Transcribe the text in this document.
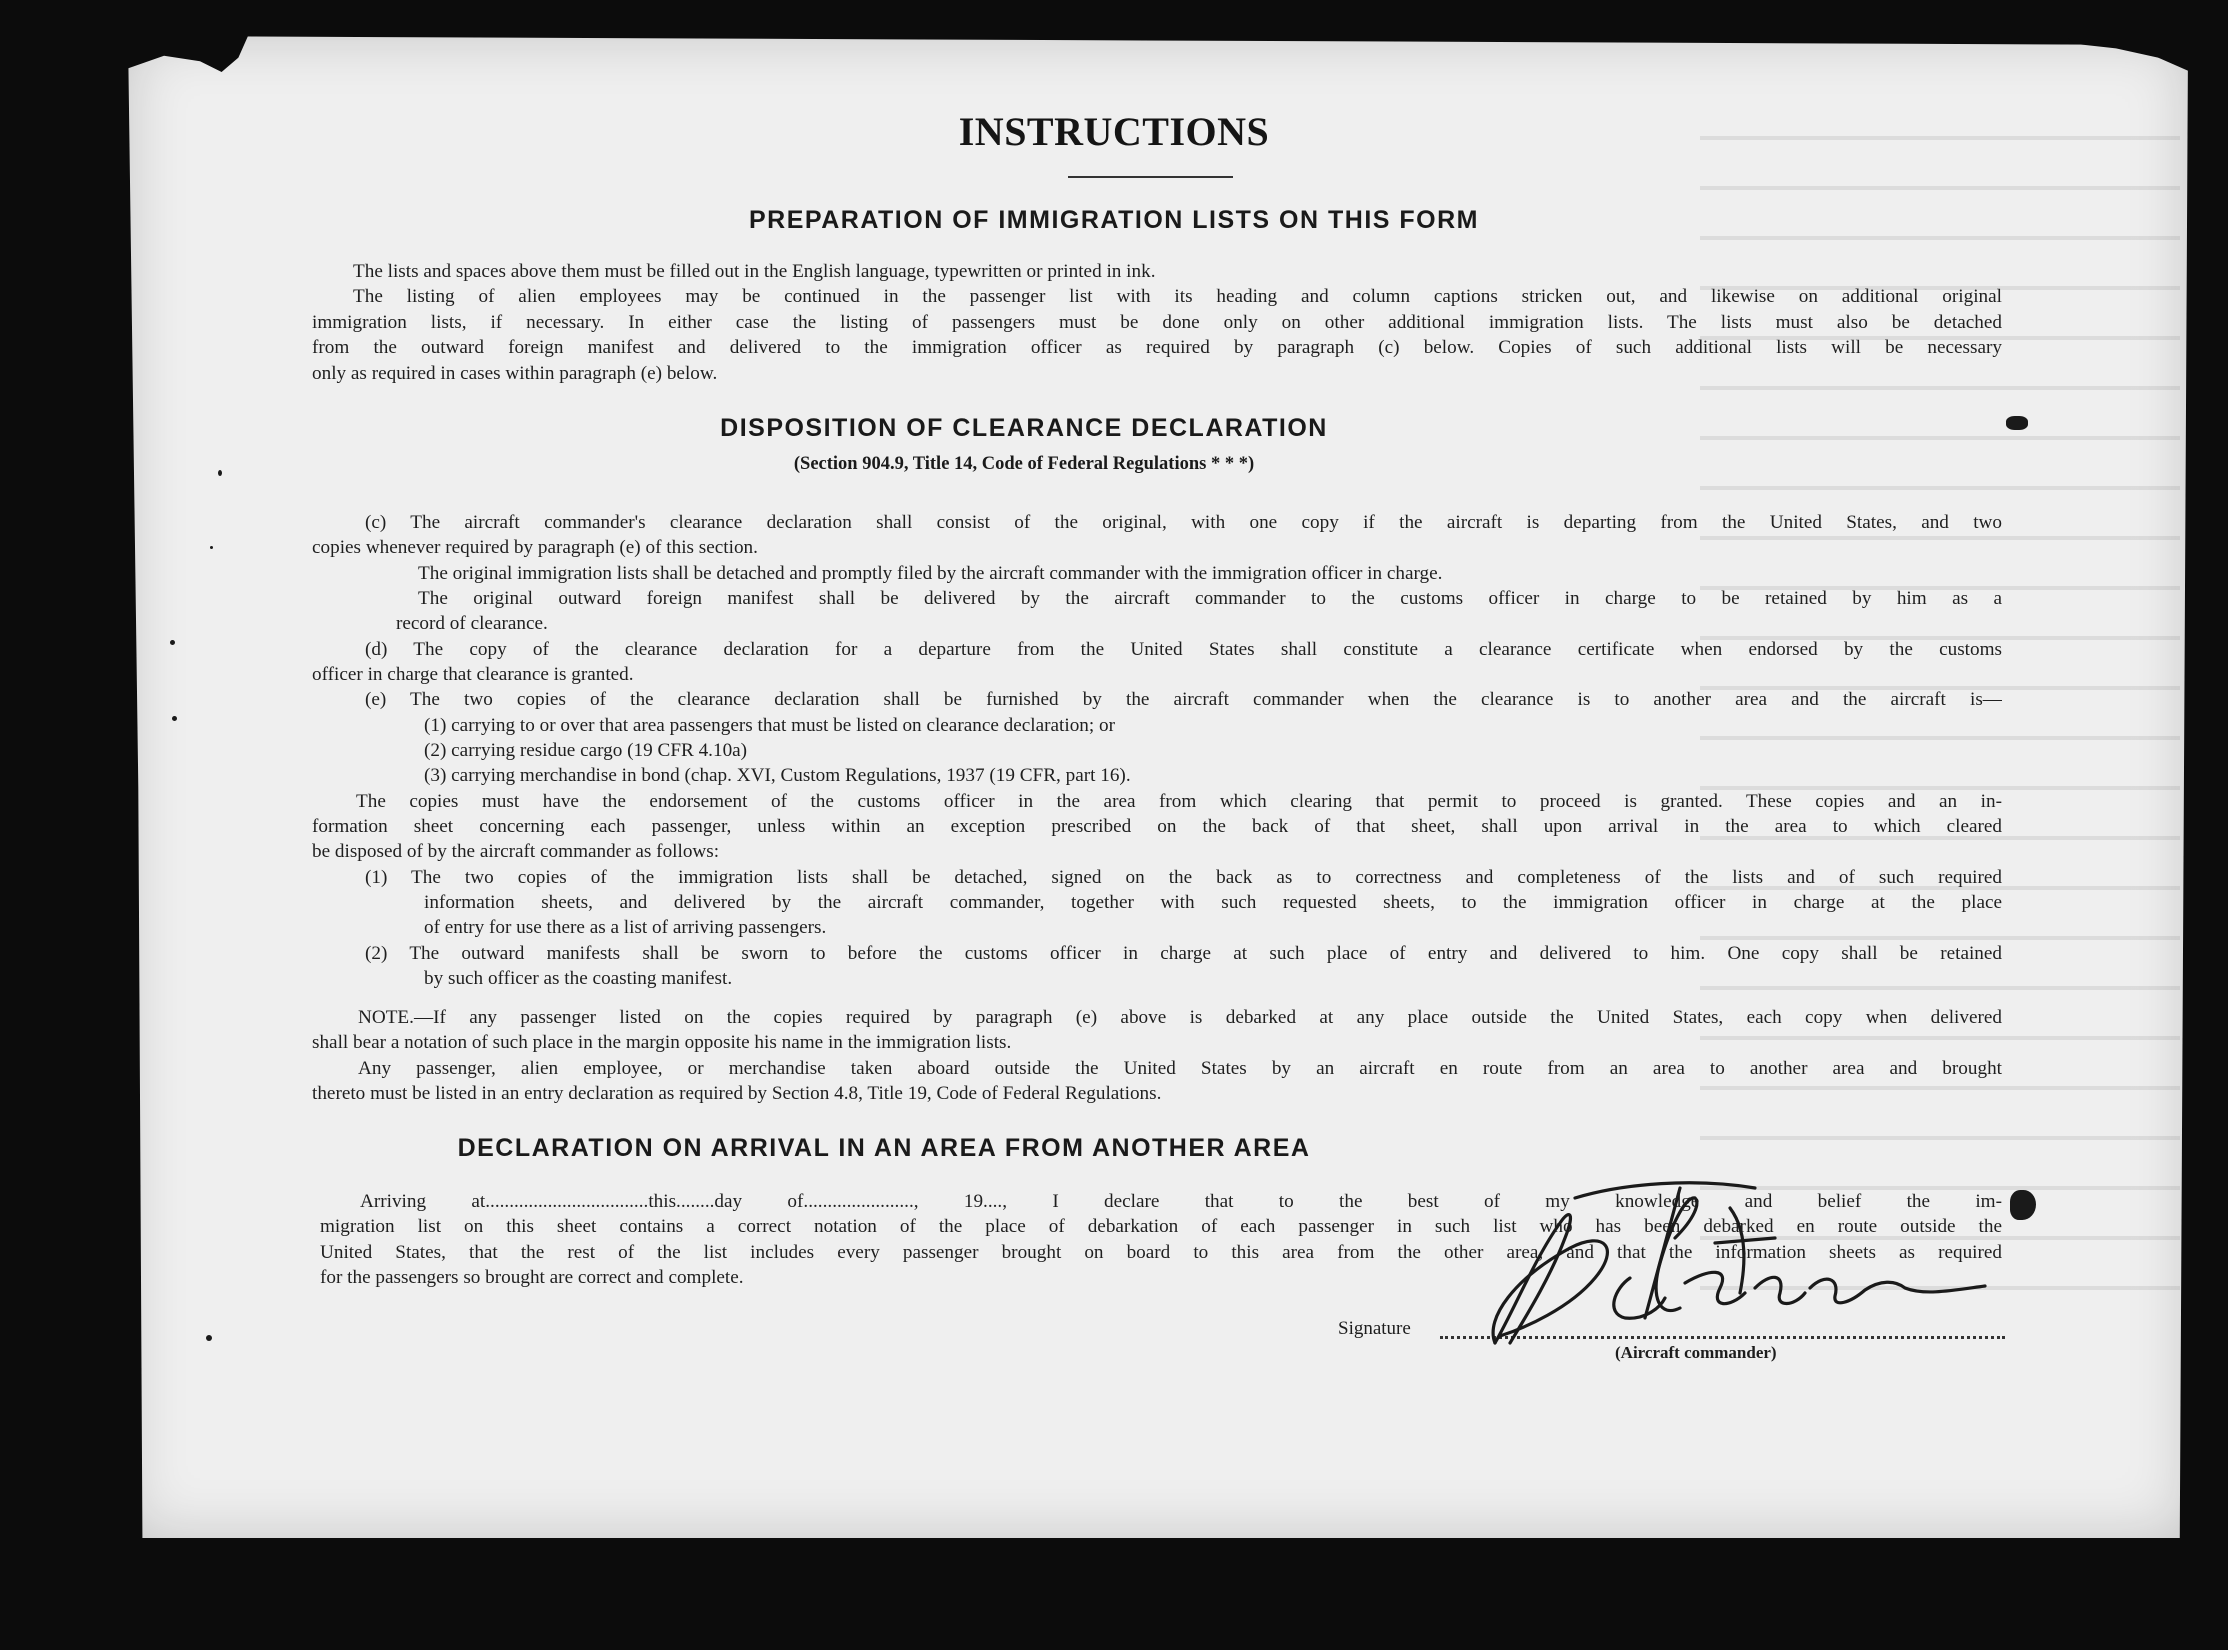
INSTRUCTIONS
PREPARATION OF IMMIGRATION LISTS ON THIS FORM
The lists and spaces above them must be filled out in the English language, typewritten or printed in ink.
The listing of alien employees may be continued in the passenger list with its heading and column captions stricken out, and likewise on additional original
immigration lists, if necessary. In either case the listing of passengers must be done only on other additional immigration lists. The lists must also be detached
from the outward foreign manifest and delivered to the immigration officer as required by paragraph (c) below. Copies of such additional lists will be necessary
only as required in cases within paragraph (e) below.
DISPOSITION OF CLEARANCE DECLARATION
(Section 904.9, Title 14, Code of Federal Regulations * * *)
(c) The aircraft commander's clearance declaration shall consist of the original, with one copy if the aircraft is departing from the United States, and two
copies whenever required by paragraph (e) of this section.
The original immigration lists shall be detached and promptly filed by the aircraft commander with the immigration officer in charge.
The original outward foreign manifest shall be delivered by the aircraft commander to the customs officer in charge to be retained by him as a
record of clearance.
(d) The copy of the clearance declaration for a departure from the United States shall constitute a clearance certificate when endorsed by the customs
officer in charge that clearance is granted.
(e) The two copies of the clearance declaration shall be furnished by the aircraft commander when the clearance is to another area and the aircraft is—
(1) carrying to or over that area passengers that must be listed on clearance declaration; or
(2) carrying residue cargo (19 CFR 4.10a)
(3) carrying merchandise in bond (chap. XVI, Custom Regulations, 1937 (19 CFR, part 16).
The copies must have the endorsement of the customs officer in the area from which clearing that permit to proceed is granted. These copies and an in-
formation sheet concerning each passenger, unless within an exception prescribed on the back of that sheet, shall upon arrival in the area to which cleared
be disposed of by the aircraft commander as follows:
(1) The two copies of the immigration lists shall be detached, signed on the back as to correctness and completeness of the lists and of such required
information sheets, and delivered by the aircraft commander, together with such requested sheets, to the immigration officer in charge at the place
of entry for use there as a list of arriving passengers.
(2) The outward manifests shall be sworn to before the customs officer in charge at such place of entry and delivered to him. One copy shall be retained
by such officer as the coasting manifest.
NOTE.—If any passenger listed on the copies required by paragraph (e) above is debarked at any place outside the United States, each copy when delivered
shall bear a notation of such place in the margin opposite his name in the immigration lists.
Any passenger, alien employee, or merchandise taken aboard outside the United States by an aircraft en route from an area to another area and brought
thereto must be listed in an entry declaration as required by Section 4.8, Title 19, Code of Federal Regulations.
DECLARATION ON ARRIVAL IN AN AREA FROM ANOTHER AREA
Arriving at..................................this........day of......................., 19...., I declare that to the best of my knowledge and belief the im-
migration list on this sheet contains a correct notation of the place of debarkation of each passenger in such list who has been debarked en route outside the
United States, that the rest of the list includes every passenger brought on board to this area from the other area, and that the information sheets as required
for the passengers so brought are correct and complete.
Signature
(Aircraft commander)
